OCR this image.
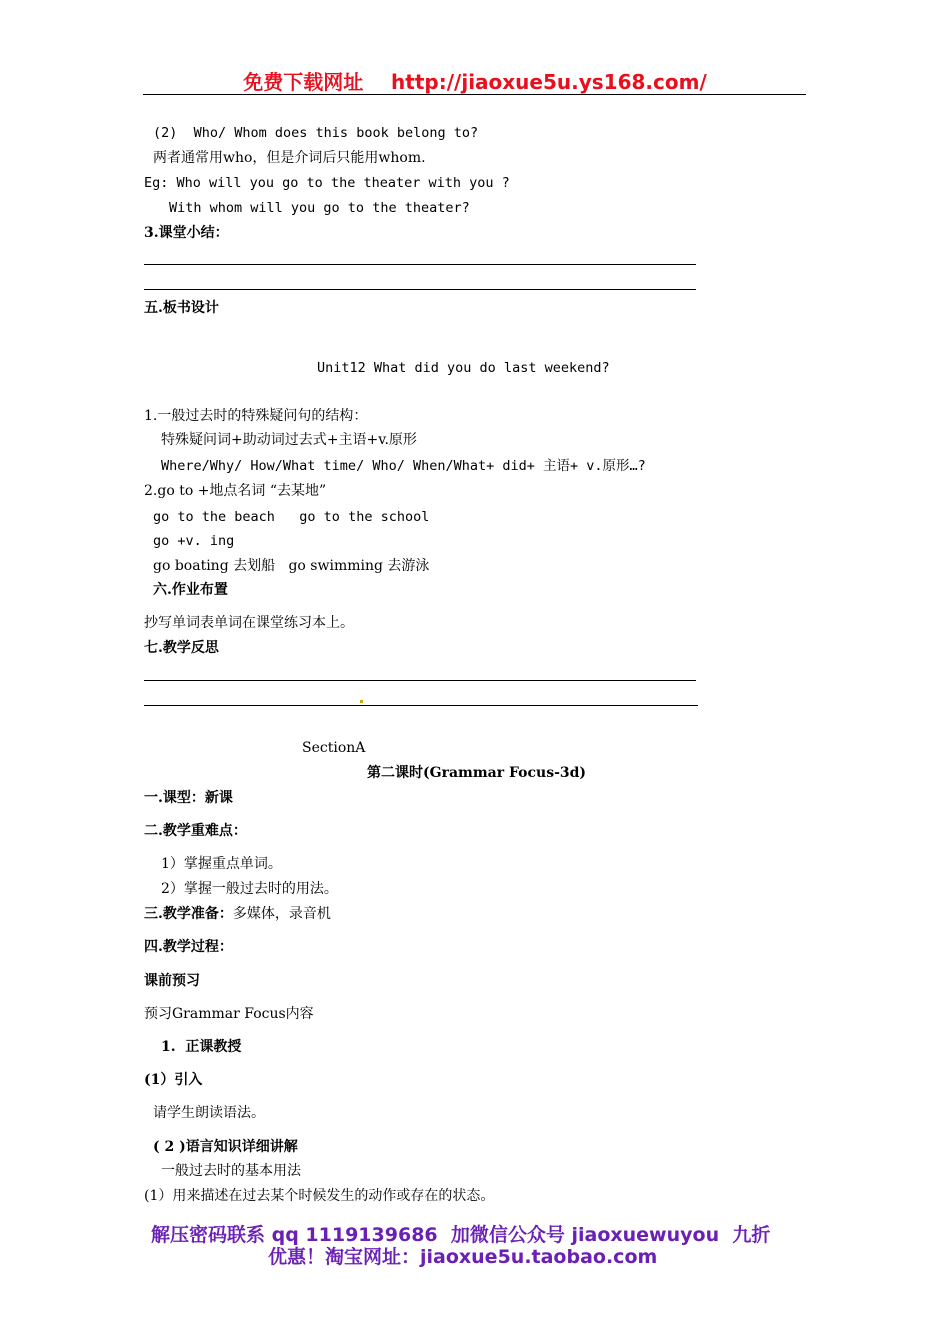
免费下载网址    http://jiaoxue5u.ys168.com/
(2)  Who/ Whom does this book belong to?
两者通常用who，但是介词后只能用whom.
Eg: Who will you go to the theater with you ?
With whom will you go to the theater?
3.课堂小结：
五.板书设计
Unit12 What did you do last weekend?
1.一般过去时的特殊疑问句的结构：
特殊疑问词+助动词过去式+主语+v.原形
Where/Why/ How/What time/ Who/ When/What+ did+ 主语+ v.原形…?
2.go to +地点名词 “去某地”
go to the beach   go to the school
go +v. ing
go boating 去划船   go swimming 去游泳
六.作业布置
抄写单词表单词在课堂练习本上。
七.教学反思
SectionA
第二课时(Grammar Focus-3d)
一.课型：新课
二.教学重难点：
1）掌握重点单词。
2）掌握一般过去时的用法。
三.教学准备：多媒体，录音机
四.教学过程：
课前预习
预习Grammar Focus内容
1.  正课教授
(1）引入
请学生朗读语法。
( 2 )语言知识详细讲解
一般过去时的基本用法
(1）用来描述在过去某个时候发生的动作或存在的状态。
解压密码联系 qq 1119139686  加微信公众号 jiaoxuewuyou  九折
优惠！淘宝网址：jiaoxue5u.taobao.com
